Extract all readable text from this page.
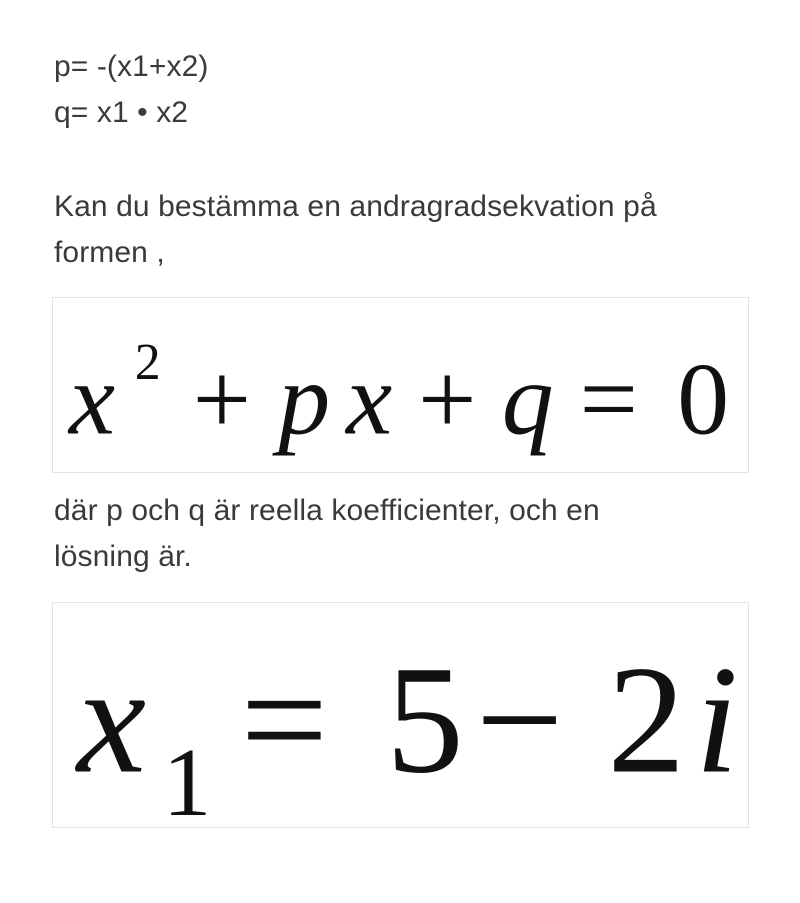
p= -(x1+x2)
q= x1 • x2
Kan du bestämma en andragradsekvation på
formen ,
x 2 + p x + q = 0
där p och q är reella koefficienter, och en
lösning är.
x 1 = 5 − 2 i
